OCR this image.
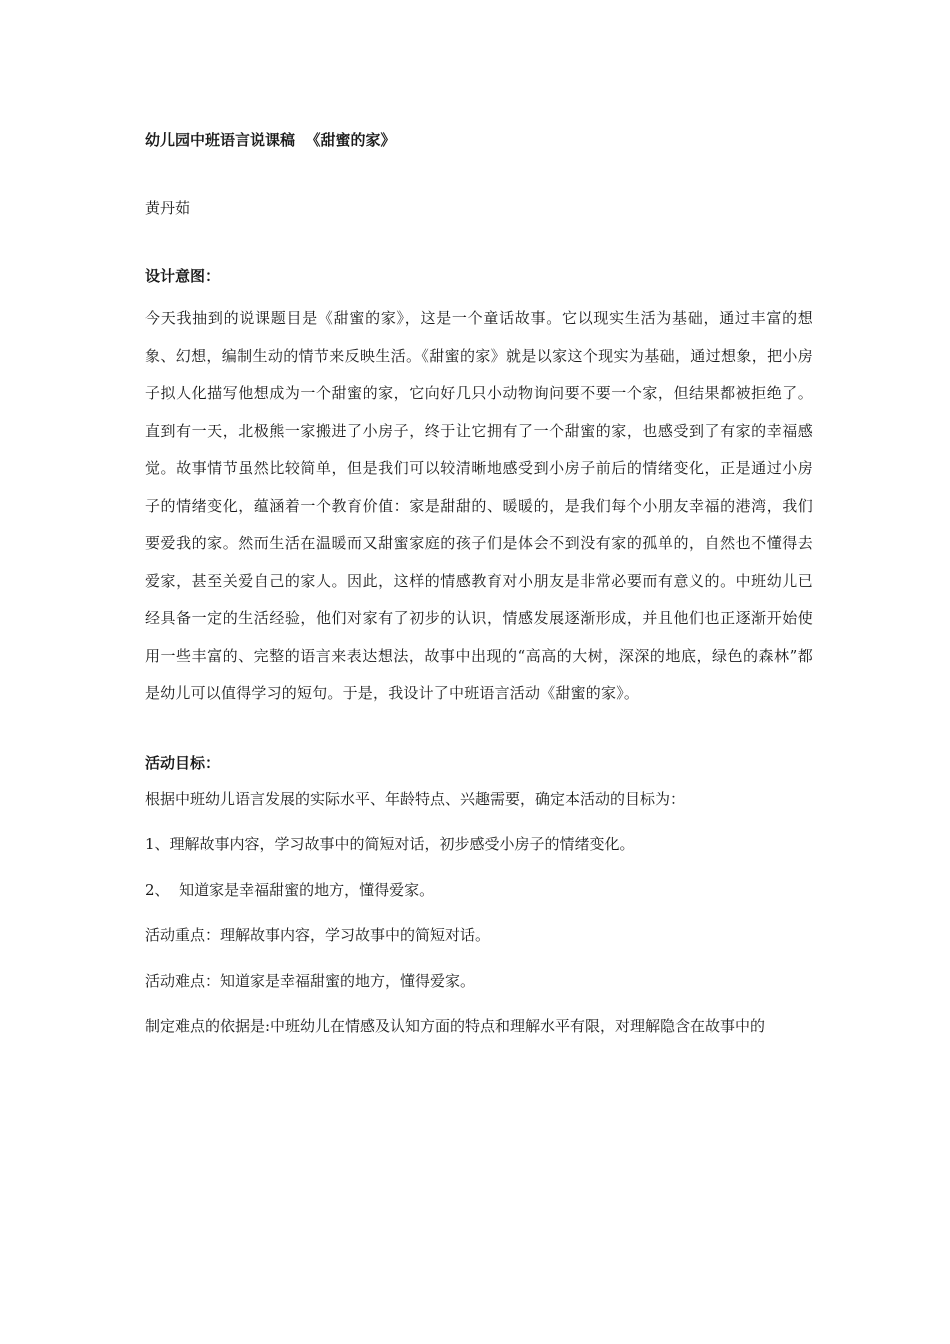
幼儿园中班语言说课稿  《甜蜜的家》
黄丹茹
设计意图：

今天我抽到的说课题目是《甜蜜的家》，这是一个童话故事。它以现实生活为基础，通过丰富的想象、幻想，编制生动的情节来反映生活。《甜蜜的家》就是以家这个现实为基础，通过想象，把小房子拟人化描写他想成为一个甜蜜的家，它向好几只小动物询问要不要一个家，但结果都被拒绝了。直到有一天，北极熊一家搬进了小房子，终于让它拥有了一个甜蜜的家，也感受到了有家的幸福感觉。故事情节虽然比较简单，但是我们可以较清晰地感受到小房子前后的情绪变化，正是通过小房子的情绪变化，蕴涵着一个教育价值：家是甜甜的、暖暖的，是我们每个小朋友幸福的港湾，我们要爱我的家。然而生活在温暖而又甜蜜家庭的孩子们是体会不到没有家的孤单的，自然也不懂得去爱家，甚至关爱自己的家人。因此，这样的情感教育对小朋友是非常必要而有意义的。中班幼儿已经具备一定的生活经验，他们对家有了初步的认识，情感发展逐渐形成，并且他们也正逐渐开始使用一些丰富的、完整的语言来表达想法，故事中出现的“高高的大树，深深的地底，绿色的森林”都是幼儿可以值得学习的短句。于是，我设计了中班语言活动《甜蜜的家》。

活动目标：
根据中班幼儿语言发展的实际水平、年龄特点、兴趣需要，确定本活动的目标为：
1、理解故事内容，学习故事中的简短对话，初步感受小房子的情绪变化。
2、  知道家是幸福甜蜜的地方，懂得爱家。
活动重点：理解故事内容，学习故事中的简短对话。
活动难点：知道家是幸福甜蜜的地方，懂得爱家。
制定难点的依据是:中班幼儿在情感及认知方面的特点和理解水平有限，对理解隐含在故事中的
